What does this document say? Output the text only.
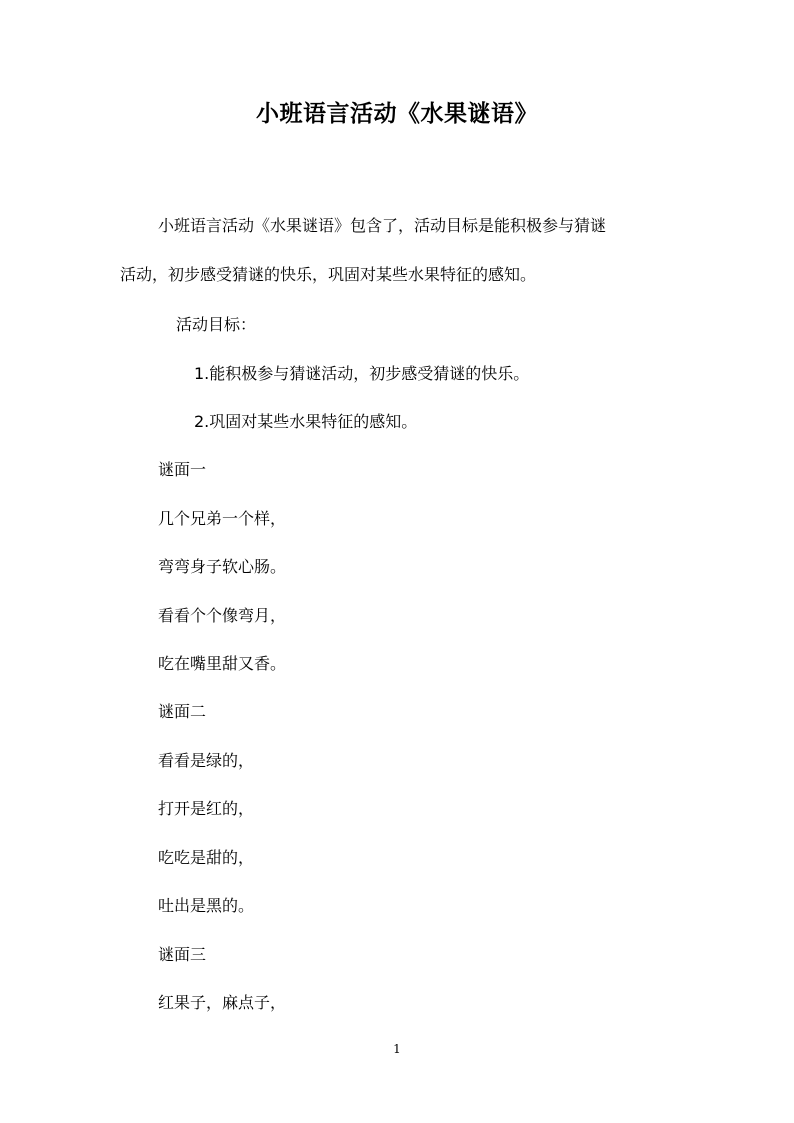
小班语言活动《水果谜语》
小班语言活动《水果谜语》包含了，活动目标是能积极参与猜谜
活动，初步感受猜谜的快乐，巩固对某些水果特征的感知。
活动目标：
1.能积极参与猜谜活动，初步感受猜谜的快乐。
2.巩固对某些水果特征的感知。
谜面一
几个兄弟一个样，
弯弯身子软心肠。
看看个个像弯月，
吃在嘴里甜又香。
谜面二
看看是绿的，
打开是红的，
吃吃是甜的，
吐出是黑的。
谜面三
红果子，麻点子，
1
